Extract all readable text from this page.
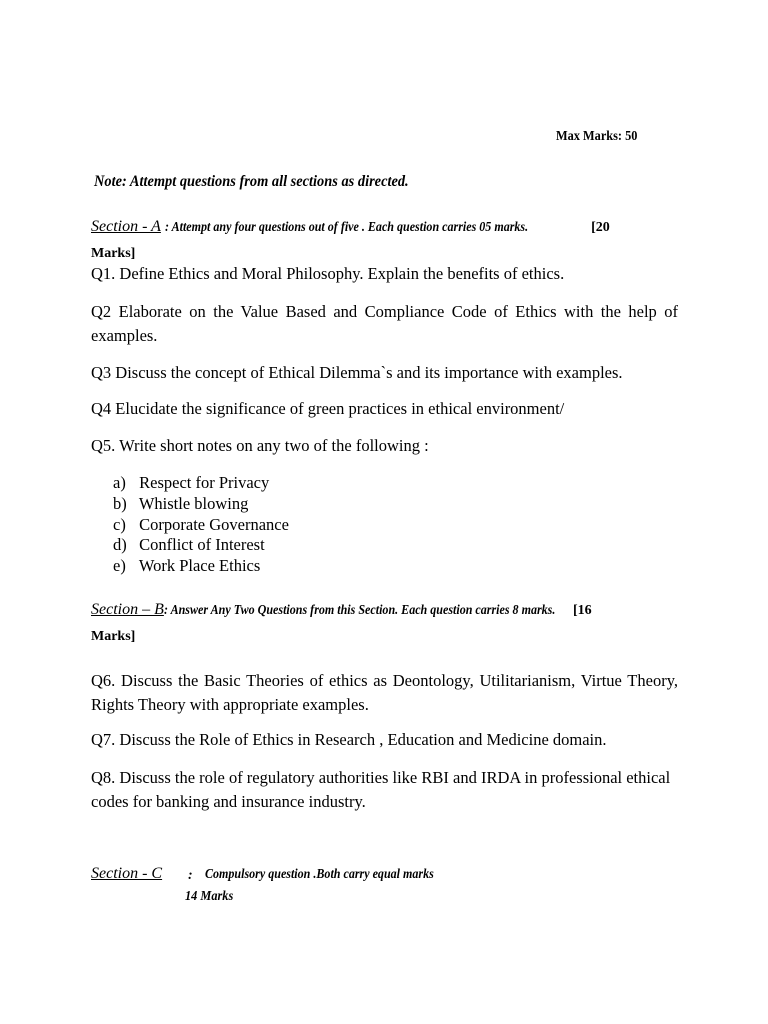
Max Marks: 50
Note: Attempt questions from all sections as directed.
Section - A : Attempt any four questions out of five . Each question carries 05 marks.	[20
Marks]
Q1. Define Ethics and Moral Philosophy. Explain the benefits of ethics.
Q2 Elaborate on the Value Based and Compliance Code of Ethics with the help of examples.
Q3 Discuss the concept of Ethical Dilemma`s and its importance with examples.
Q4 Elucidate the significance of green practices in ethical environment/
Q5. Write short notes on any two of the following :
a) Respect for Privacy
b) Whistle blowing
c) Corporate Governance
d) Conflict of Interest
e) Work Place Ethics
Section – B: Answer Any Two Questions from this Section. Each question carries 8 marks. [16
Marks]
Q6. Discuss the Basic Theories of ethics as Deontology, Utilitarianism, Virtue Theory, Rights Theory with appropriate examples.
Q7. Discuss the Role of Ethics in Research , Education and Medicine domain.
Q8. Discuss the role of regulatory authorities like RBI and IRDA in professional ethical codes for banking and insurance industry.
Section - C : Compulsory question .Both carry equal marks
14 Marks
